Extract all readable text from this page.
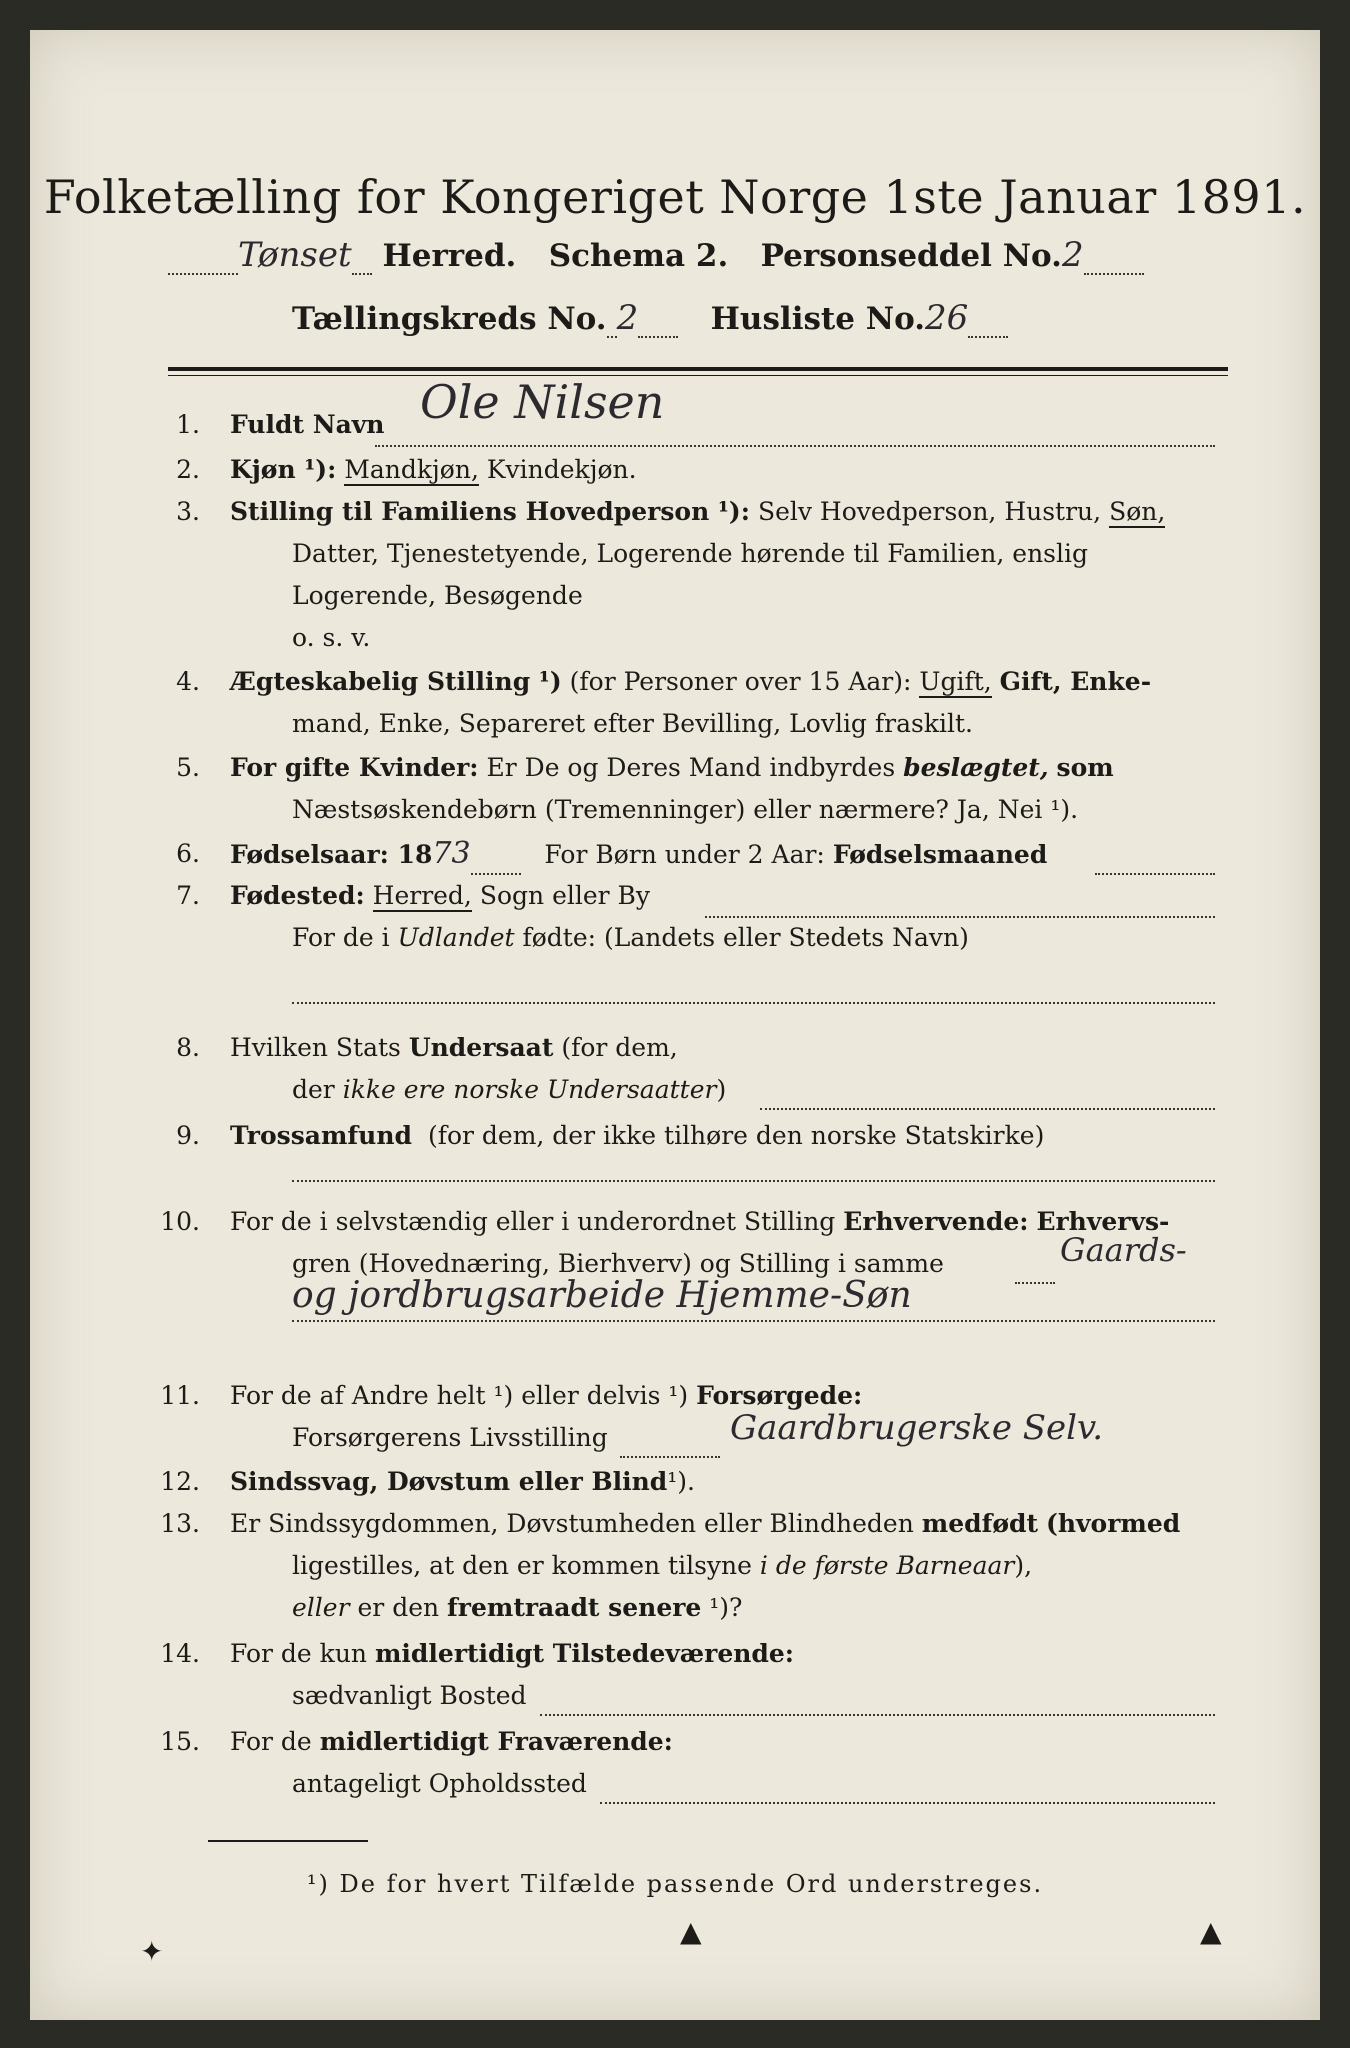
Folketælling for Kongeriget Norge 1ste Januar 1891.
Tønset Herred. Schema 2. Personseddel No.2
Tællingskreds No. 2 Husliste No.26
1. Fuldt Navn Ole Nilsen
2. Kjøn ¹): Mandkjøn, Kvindekjøn.
3. Stilling til Familiens Hovedperson ¹): Selv Hovedperson, Hustru, Søn,
Datter, Tjenestetyende, Logerende hørende til Familien, enslig
Logerende, Besøgende
o. s. v.
4. Ægteskabelig Stilling ¹) (for Personer over 15 Aar): Ugift, Gift, Enke-
mand, Enke, Separeret efter Bevilling, Lovlig fraskilt.
5. For gifte Kvinder: Er De og Deres Mand indbyrdes beslægtet, som
Næstsøskendebørn (Tremenninger) eller nærmere? Ja, Nei ¹).
6. Fødselsaar: 1873	For Børn under 2 Aar: Fødselsmaaned
7. Fødested: Herred, Sogn eller By
For de i Udlandet fødte: (Landets eller Stedets Navn)
8. Hvilken Stats Undersaat (for dem,
der ikke ere norske Undersaatter)
9. Trossamfund (for dem, der ikke tilhøre den norske Statskirke)
10. For de i selvstændig eller i underordnet Stilling Erhvervende: Erhvervs-
gren (Hovednæring, Bierhverv) og Stilling i samme	Gaards-
og jordbrugsarbeide Hjemme-Søn
11. For de af Andre helt ¹) eller delvis ¹) Forsørgede:
Forsørgerens Livsstilling	Gaardbrugerske Selv.
12. Sindssvag, Døvstum eller Blind¹).
13. Er Sindssygdommen, Døvstumheden eller Blindheden medfødt (hvormed
ligestilles, at den er kommen tilsyne i de første Barneaar),
eller er den fremtraadt senere ¹)?
14. For de kun midlertidigt Tilstedeværende:
sædvanligt Bosted
15. For de midlertidigt Fraværende:
antageligt Opholdssted
¹) De for hvert Tilfælde passende Ord understreges.
✦
▲	▲
